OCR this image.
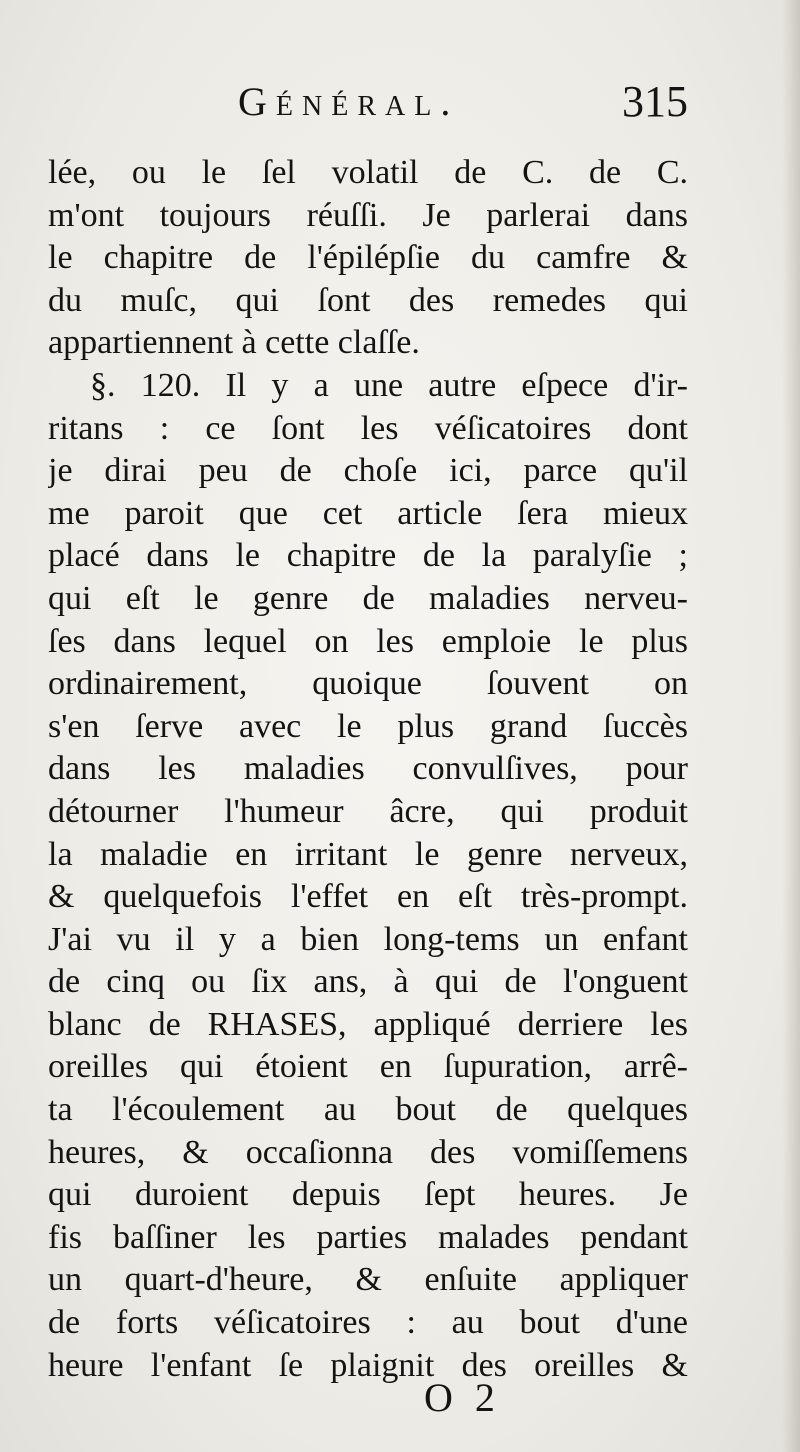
Général.	315
lée, ou le ſel volatil de C. de C.
m'ont toujours réuſſi. Je parlerai dans
le chapitre de l'épilépſie du camfre &
du muſc, qui ſont des remedes qui
appartiennent à cette claſſe.
§. 120. Il y a une autre eſpece d'ir-
ritans : ce ſont les véſicatoires dont
je dirai peu de choſe ici, parce qu'il
me paroit que cet article ſera mieux
placé dans le chapitre de la paralyſie ;
qui eſt le genre de maladies nerveu-
ſes dans lequel on les emploie le plus
ordinairement, quoique ſouvent on
s'en ſerve avec le plus grand ſuccès
dans les maladies convulſives, pour
détourner l'humeur âcre, qui produit
la maladie en irritant le genre nerveux,
& quelquefois l'effet en eſt très-prompt.
J'ai vu il y a bien long-tems un enfant
de cinq ou ſix ans, à qui de l'onguent
blanc de RHASES, appliqué derriere les
oreilles qui étoient en ſupuration, arrê-
ta l'écoulement au bout de quelques
heures, & occaſionna des vomiſſemens
qui duroient depuis ſept heures. Je
fis baſſiner les parties malades pendant
un quart-d'heure, & enſuite appliquer
de forts véſicatoires : au bout d'une
heure l'enfant ſe plaignit des oreilles &
O 2
